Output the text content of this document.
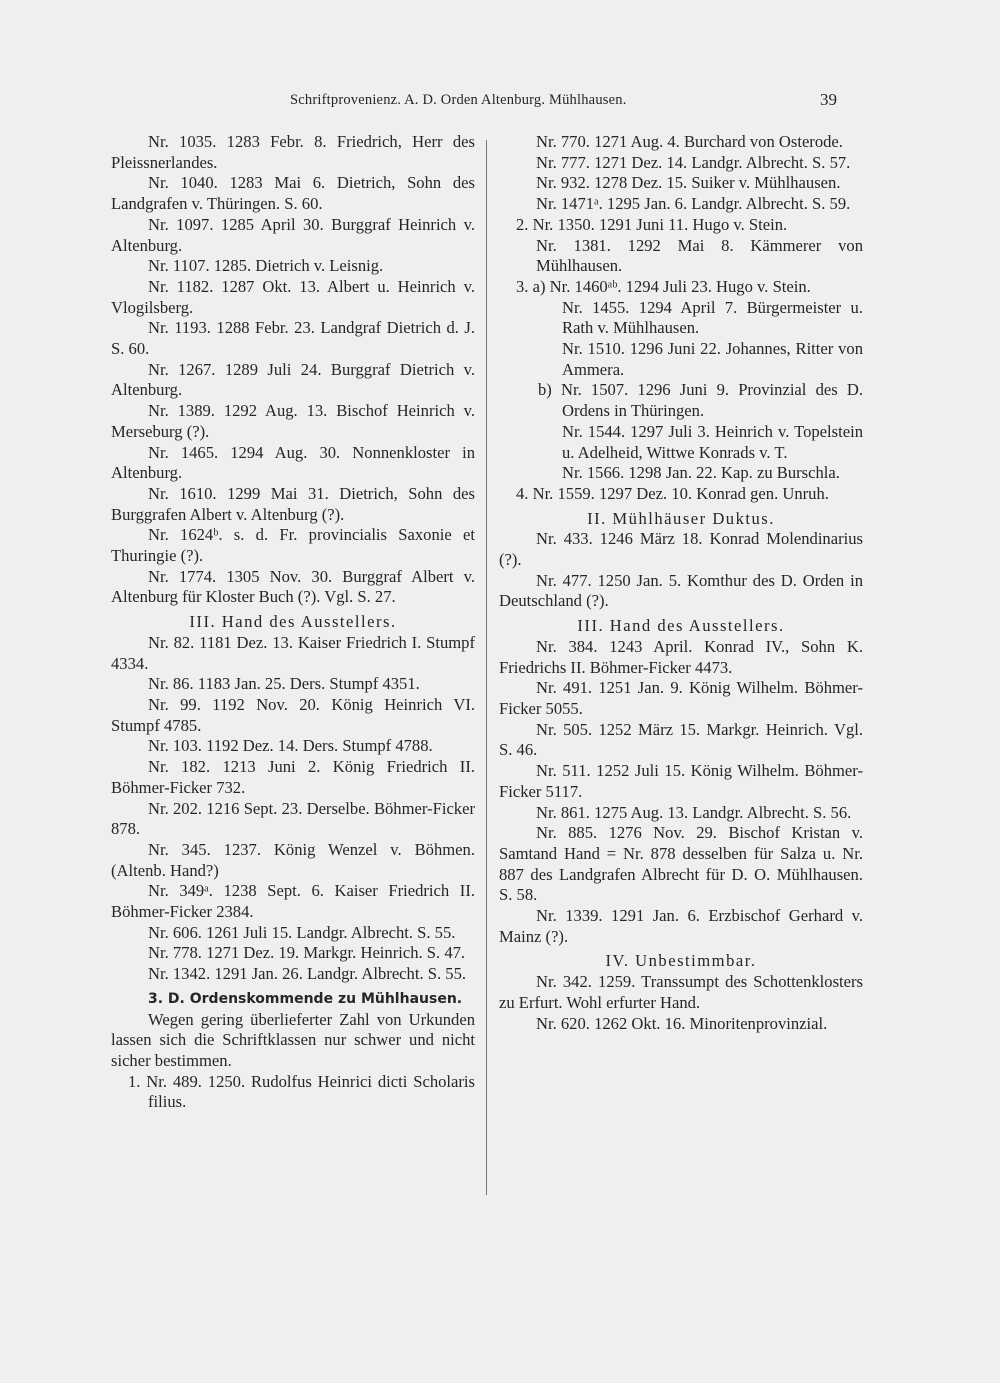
Schriftprovenienz. A. D. Orden Altenburg. Mühlhausen.	39

Nr. 1035. 1283 Febr. 8. Friedrich, Herr des Pleissnerlandes.

Nr. 1040. 1283 Mai 6. Dietrich, Sohn des Landgrafen v. Thüringen. S. 60.

Nr. 1097. 1285 April 30. Burggraf Heinrich v. Altenburg.

Nr. 1107. 1285. Dietrich v. Leisnig.

Nr. 1182. 1287 Okt. 13. Albert u. Heinrich v. Vlogilsberg.

Nr. 1193. 1288 Febr. 23. Landgraf Dietrich d. J. S. 60.

Nr. 1267. 1289 Juli 24. Burggraf Dietrich v. Altenburg.

Nr. 1389. 1292 Aug. 13. Bischof Heinrich v. Merseburg (?).

Nr. 1465. 1294 Aug. 30. Nonnenkloster in Altenburg.

Nr. 1610. 1299 Mai 31. Dietrich, Sohn des Burggrafen Albert v. Altenburg (?).

Nr. 1624ᵇ. s. d. Fr. provincialis Saxonie et Thuringie (?).

Nr. 1774. 1305 Nov. 30. Burggraf Albert v. Altenburg für Kloster Buch (?). Vgl. S. 27.

III. Hand des Ausstellers.

Nr. 82. 1181 Dez. 13. Kaiser Friedrich I. Stumpf 4334.

Nr. 86. 1183 Jan. 25. Ders. Stumpf 4351.

Nr. 99. 1192 Nov. 20. König Heinrich VI. Stumpf 4785.

Nr. 103. 1192 Dez. 14. Ders. Stumpf 4788.

Nr. 182. 1213 Juni 2. König Friedrich II. Böhmer-Ficker 732.

Nr. 202. 1216 Sept. 23. Derselbe. Böhmer-Ficker 878.

Nr. 345. 1237. König Wenzel v. Böhmen. (Altenb. Hand?)

Nr. 349ᵃ. 1238 Sept. 6. Kaiser Friedrich II. Böhmer-Ficker 2384.

Nr. 606. 1261 Juli 15. Landgr. Albrecht. S. 55.

Nr. 778. 1271 Dez. 19. Markgr. Heinrich. S. 47.

Nr. 1342. 1291 Jan. 26. Landgr. Albrecht. S. 55.

3. D. Ordenskommende zu Mühlhausen.

Wegen gering überlieferter Zahl von Urkunden lassen sich die Schriftklassen nur schwer und nicht sicher bestimmen.

1. Nr. 489. 1250. Rudolfus Heinrici dicti Scholaris filius.

Nr. 770. 1271 Aug. 4. Burchard von Osterode.

Nr. 777. 1271 Dez. 14. Landgr. Albrecht. S. 57.

Nr. 932. 1278 Dez. 15. Suiker v. Mühlhausen.

Nr. 1471ᵃ. 1295 Jan. 6. Landgr. Albrecht. S. 59.

2. Nr. 1350. 1291 Juni 11. Hugo v. Stein.

Nr. 1381. 1292 Mai 8. Kämmerer von Mühlhausen.

3. a) Nr. 1460ᵃᵇ. 1294 Juli 23. Hugo v. Stein.

Nr. 1455. 1294 April 7. Bürgermeister u. Rath v. Mühlhausen.

Nr. 1510. 1296 Juni 22. Johannes, Ritter von Ammera.

b) Nr. 1507. 1296 Juni 9. Provinzial des D. Ordens in Thüringen.

Nr. 1544. 1297 Juli 3. Heinrich v. Topelstein u. Adelheid, Wittwe Konrads v. T.

Nr. 1566. 1298 Jan. 22. Kap. zu Burschla.

4. Nr. 1559. 1297 Dez. 10. Konrad gen. Unruh.

II. Mühlhäuser Duktus.

Nr. 433. 1246 März 18. Konrad Molendinarius (?).

Nr. 477. 1250 Jan. 5. Komthur des D. Orden in Deutschland (?).

III. Hand des Ausstellers.

Nr. 384. 1243 April. Konrad IV., Sohn K. Friedrichs II. Böhmer-Ficker 4473.

Nr. 491. 1251 Jan. 9. König Wilhelm. Böhmer-Ficker 5055.

Nr. 505. 1252 März 15. Markgr. Heinrich. Vgl. S. 46.

Nr. 511. 1252 Juli 15. König Wilhelm. Böhmer-Ficker 5117.

Nr. 861. 1275 Aug. 13. Landgr. Albrecht. S. 56.

Nr. 885. 1276 Nov. 29. Bischof Kristan v. Samtand Hand = Nr. 878 desselben für Salza u. Nr. 887 des Landgrafen Albrecht für D. O. Mühlhausen. S. 58.

Nr. 1339. 1291 Jan. 6. Erzbischof Gerhard v. Mainz (?).

IV. Unbestimmbar.

Nr. 342. 1259. Transsumpt des Schottenklosters zu Erfurt. Wohl erfurter Hand.

Nr. 620. 1262 Okt. 16. Minoritenprovinzial.
